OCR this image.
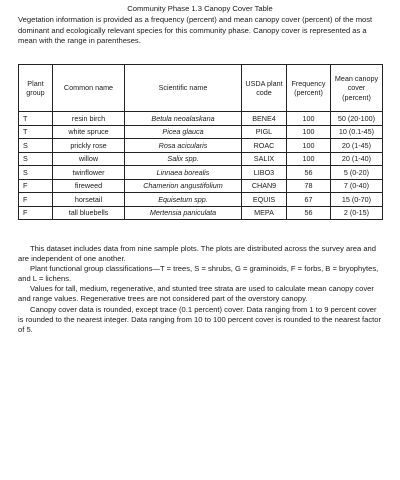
Community Phase 1.3 Canopy Cover Table
Vegetation information is provided as a frequency (percent) and mean canopy cover (percent) of the most dominant and ecologically relevant species for this community phase. Canopy cover is represented as a mean with the range in parentheses.
Plant group	Common name	Scientific name	USDA plant code	Frequency (percent)	Mean canopy cover (percent)
T	resin birch	Betula neoalaskana	BENE4	100	50 (20-100)
T	white spruce	Picea glauca	PIGL	100	10 (0.1-45)
S	prickly rose	Rosa acicularis	ROAC	100	20 (1-45)
S	willow	Salix spp.	SALIX	100	20 (1-40)
S	twinflower	Linnaea borealis	LIBO3	56	5 (0-20)
F	fireweed	Chamerion angustifolium	CHAN9	78	7 (0-40)
F	horsetail	Equisetum spp.	EQUIS	67	15 (0-70)
F	tall bluebells	Mertensia paniculata	MEPA	56	2 (0-15)

This dataset includes data from nine sample plots. The plots are distributed across the survey area and are independent of one another.

Plant functional group classifications—T = trees, S = shrubs, G = graminoids, F = forbs, B = bryophytes, and L = lichens.

Values for tall, medium, regenerative, and stunted tree strata are used to calculate mean canopy cover and range values. Regenerative trees are not considered part of the overstory canopy.

Canopy cover data is rounded, except trace (0.1 percent) cover. Data ranging from 1 to 9 percent cover is rounded to the nearest integer. Data ranging from 10 to 100 percent cover is rounded to the nearest factor of 5.
